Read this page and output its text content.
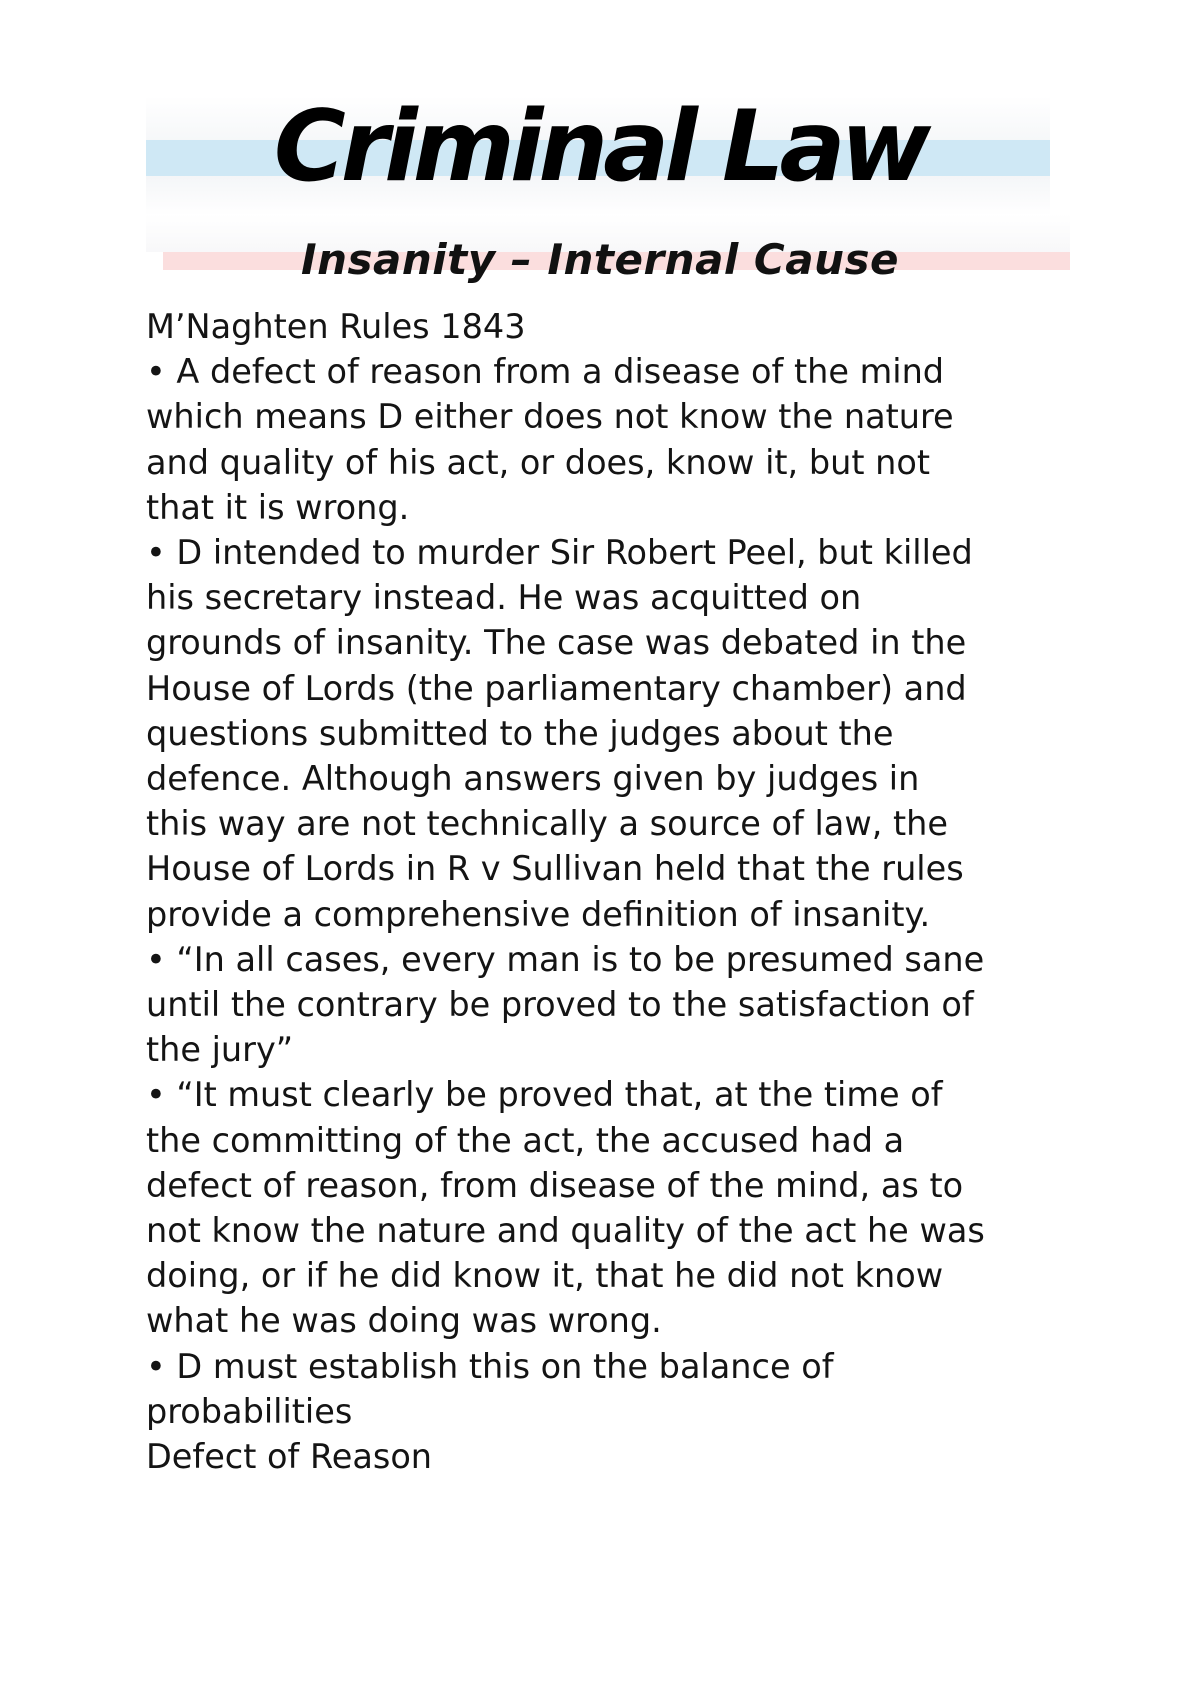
Criminal Law
Insanity – Internal Cause
M’Naghten Rules 1843
• A defect of reason from a disease of the mind
which means D either does not know the nature
and quality of his act, or does, know it, but not
that it is wrong.
• D intended to murder Sir Robert Peel, but killed
his secretary instead. He was acquitted on
grounds of insanity. The case was debated in the
House of Lords (the parliamentary chamber) and
questions submitted to the judges about the
defence. Although answers given by judges in
this way are not technically a source of law, the
House of Lords in R v Sullivan held that the rules
provide a comprehensive definition of insanity.
• “In all cases, every man is to be presumed sane
until the contrary be proved to the satisfaction of
the jury”
• “It must clearly be proved that, at the time of
the committing of the act, the accused had a
defect of reason, from disease of the mind, as to
not know the nature and quality of the act he was
doing, or if he did know it, that he did not know
what he was doing was wrong.
• D must establish this on the balance of
probabilities
Defect of Reason
